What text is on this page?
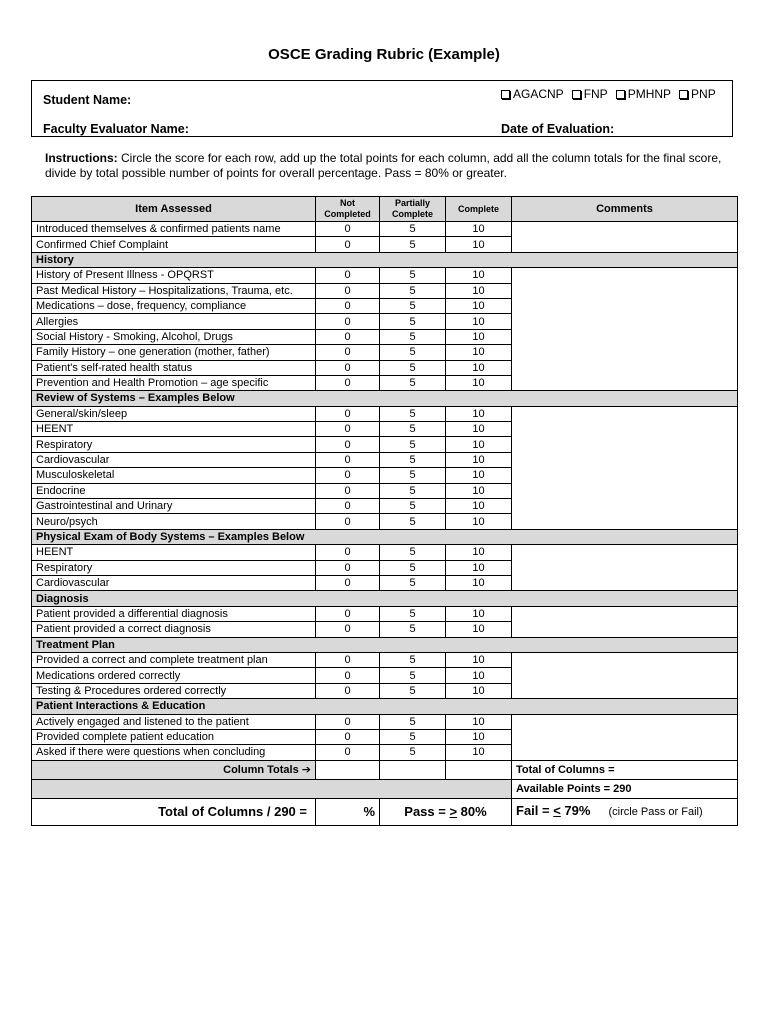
OSCE Grading Rubric (Example)
Student Name:	AGACNP FNP PMHNP PNP
Faculty Evaluator Name:	Date of Evaluation:
Instructions: Circle the score for each row, add up the total points for each column, add all the column totals for the final score, divide by total possible number of points for overall percentage. Pass = 80% or greater.
Item Assessed	Not Completed	Partially Complete	Complete	Comments
Introduced themselves & confirmed patients name	0	5	10	
Confirmed Chief Complaint	0	5	10	
History				
History of Present Illness - OPQRST	0	5	10	
Past Medical History – Hospitalizations, Trauma, etc.	0	5	10	
Medications – dose, frequency, compliance	0	5	10	
Allergies	0	5	10	
Social History - Smoking, Alcohol, Drugs	0	5	10	
Family History – one generation (mother, father)	0	5	10	
Patient's self-rated health status	0	5	10	
Prevention and Health Promotion – age specific	0	5	10	
Review of Systems – Examples Below				
General/skin/sleep	0	5	10	
HEENT	0	5	10	
Respiratory	0	5	10	
Cardiovascular	0	5	10	
Musculoskeletal	0	5	10	
Endocrine	0	5	10	
Gastrointestinal and Urinary	0	5	10	
Neuro/psych	0	5	10	
Physical Exam of Body Systems – Examples Below				
HEENT	0	5	10	
Respiratory	0	5	10	
Cardiovascular	0	5	10	
Diagnosis				
Patient provided a differential diagnosis	0	5	10	
Patient provided a correct diagnosis	0	5	10	
Treatment Plan				
Provided a correct and complete treatment plan	0	5	10	
Medications ordered correctly	0	5	10	
Testing & Procedures ordered correctly	0	5	10	
Patient Interactions & Education				
Actively engaged and listened to the patient	0	5	10	
Provided complete patient education	0	5	10	
Asked if there were questions when concluding	0	5	10	
Column Totals ➔				Total of Columns =
				Available Points = 290
Total of Columns / 290 =	%	Pass = > 80%		Fail = < 79% (circle Pass or Fail)
